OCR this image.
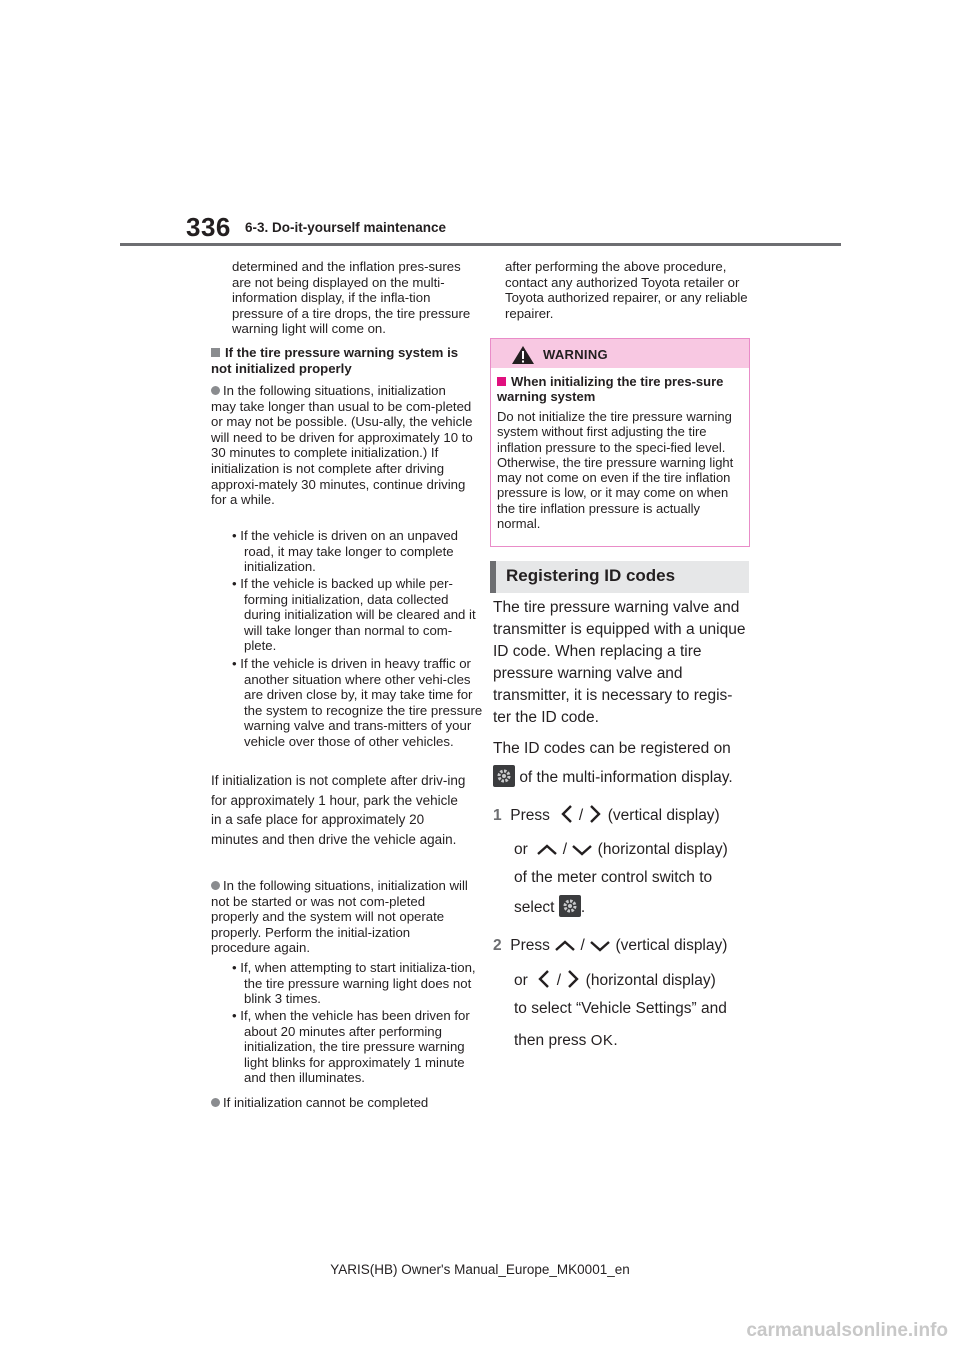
336 6-3. Do-it-yourself maintenance
determined and the inflation pres-sures are not being displayed on the multi-information display, if the infla-tion pressure of a tire drops, the tire pressure warning light will come on.
If the tire pressure warning system is not initialized properly
In the following situations, initialization may take longer than usual to be com-pleted or may not be possible. (Usu-ally, the vehicle will need to be driven for approximately 10 to 30 minutes to complete initialization.) If initialization is not complete after driving approxi-mately 30 minutes, continue driving for a while.
• If the vehicle is driven on an unpaved road, it may take longer to complete initialization.
• If the vehicle is backed up while per-forming initialization, data collected during initialization will be cleared and it will take longer than normal to com-plete.
• If the vehicle is driven in heavy traffic or another situation where other vehi-cles are driven close by, it may take time for the system to recognize the tire pressure warning valve and trans-mitters of your vehicle over those of other vehicles.
If initialization is not complete after driv-ing for approximately 1 hour, park the vehicle in a safe place for approximately 20 minutes and then drive the vehicle again.
In the following situations, initialization will not be started or was not com-pleted properly and the system will not operate properly. Perform the initial-ization procedure again.
• If, when attempting to start initializa-tion, the tire pressure warning light does not blink 3 times.
• If, when the vehicle has been driven for about 20 minutes after performing initialization, the tire pressure warning light blinks for approximately 1 minute and then illuminates.
If initialization cannot be completed
after performing the above procedure, contact any authorized Toyota retailer or Toyota authorized repairer, or any reliable repairer.
WARNING
When initializing the tire pres-sure warning system
Do not initialize the tire pressure warning system without first adjusting the tire inflation pressure to the speci-fied level. Otherwise, the tire pressure warning light may not come on even if the tire inflation pressure is low, or it may come on when the tire inflation pressure is actually normal.
Registering ID codes
The tire pressure warning valve and transmitter is equipped with a unique ID code. When replacing a tire pressure warning valve and transmitter, it is necessary to regis-ter the ID code.
The ID codes can be registered on
of the multi-information display.
1 Press / (vertical display)
or / (horizontal display)
of the meter control switch to
select .
2 Press / (vertical display)
or / (horizontal display)
to select “Vehicle Settings” and
then press OK.
YARIS(HB) Owner's Manual_Europe_MK0001_en
carmanualsonline.info
